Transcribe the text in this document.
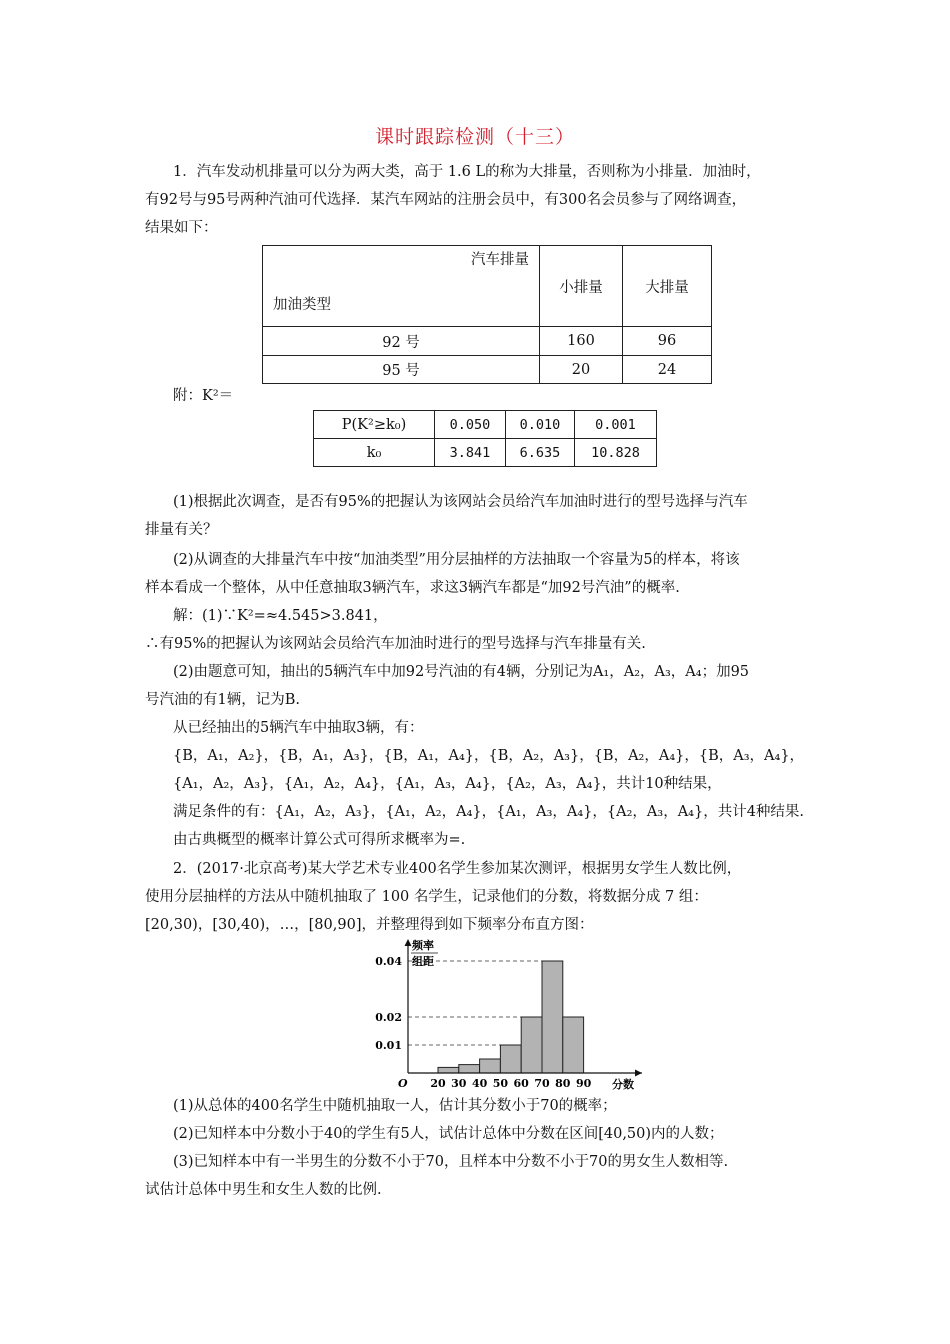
课时跟踪检测（十三）
1．汽车发动机排量可以分为两大类，高于 1.6 L的称为大排量，否则称为小排量．加油时，
有92号与95号两种汽油可代选择．某汽车网站的注册会员中，有300名会员参与了网络调查，
结果如下：
汽车排量
加油类型	小排量	大排量
92 号	160	96
95 号	20	24
附：K²＝
P(K²≥k₀)	0.050	0.010	0.001
k₀	3.841	6.635	10.828
(1)根据此次调查，是否有95%的把握认为该网站会员给汽车加油时进行的型号选择与汽车
排量有关？
(2)从调查的大排量汽车中按“加油类型”用分层抽样的方法抽取一个容量为5的样本，将该
样本看成一个整体，从中任意抽取3辆汽车，求这3辆汽车都是“加92号汽油”的概率.
解：(1)∵K²=≈4.545>3.841，
∴有95%的把握认为该网站会员给汽车加油时进行的型号选择与汽车排量有关.
(2)由题意可知，抽出的5辆汽车中加92号汽油的有4辆，分别记为A₁，A₂，A₃，A₄；加95
号汽油的有1辆，记为B.
从已经抽出的5辆汽车中抽取3辆，有：
{B，A₁，A₂}，{B，A₁，A₃}，{B，A₁，A₄}，{B，A₂，A₃}，{B，A₂，A₄}，{B，A₃，A₄}，
{A₁，A₂，A₃}，{A₁，A₂，A₄}，{A₁，A₃，A₄}，{A₂，A₃，A₄}，共计10种结果，
满足条件的有：{A₁，A₂，A₃}，{A₁，A₂，A₄}，{A₁，A₃，A₄}，{A₂，A₃，A₄}，共计4种结果.
由古典概型的概率计算公式可得所求概率为=.
2．(2017·北京高考)某大学艺术专业400名学生参加某次测评，根据男女学生人数比例，
使用分层抽样的方法从中随机抽取了 100 名学生，记录他们的分数，将数据分成 7 组：
[20,30)，[30,40)，…，[80,90]，并整理得到如下频率分布直方图：
0.04
0.02
0.01
20 30 40 50 60 70 80 90
O	分数
频率
组距
(1)从总体的400名学生中随机抽取一人，估计其分数小于70的概率；
(2)已知样本中分数小于40的学生有5人，试估计总体中分数在区间[40,50)内的人数；
(3)已知样本中有一半男生的分数不小于70，且样本中分数不小于70的男女生人数相等.
试估计总体中男生和女生人数的比例.
